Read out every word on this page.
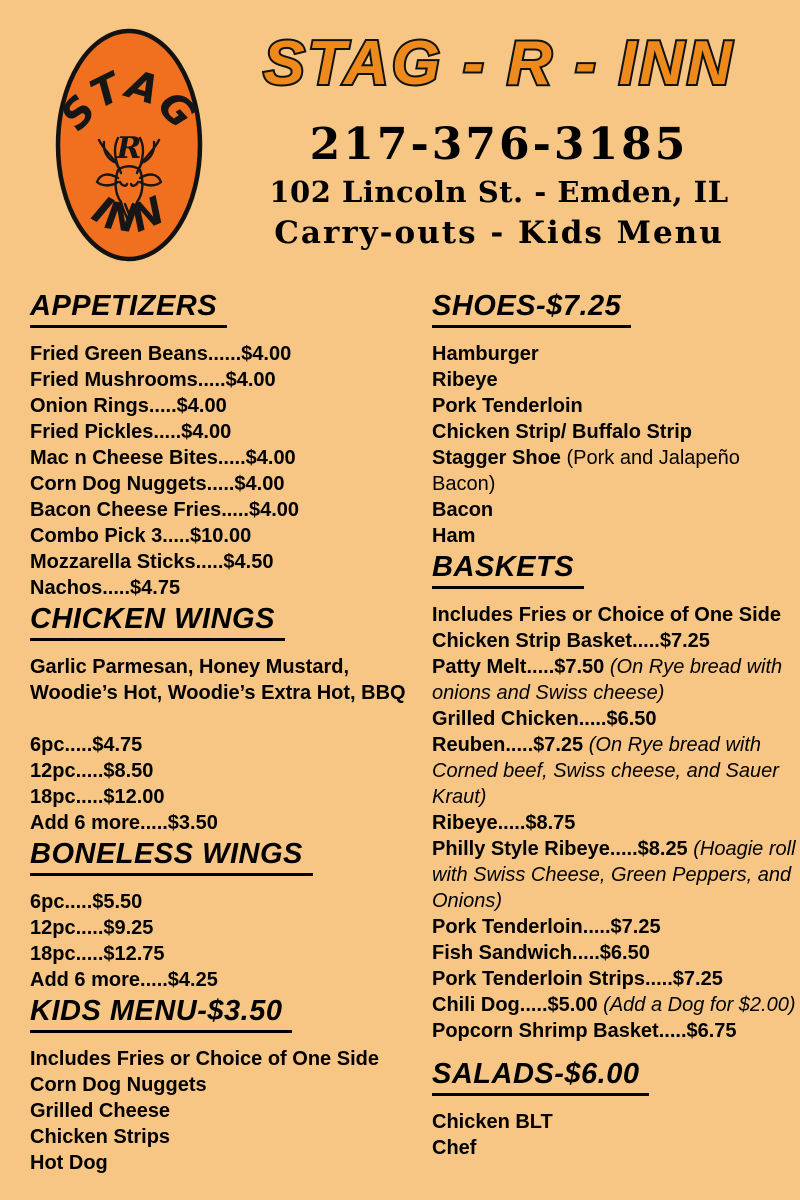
STAG
R
INN
STAG - R - INN
217-376-3185
102 Lincoln St. - Emden, IL
Carry-outs - Kids Menu
APPETIZERS
Fried Green Beans......$4.00
Fried Mushrooms.....$4.00
Onion Rings.....$4.00
Fried Pickles.....$4.00
Mac n Cheese Bites.....$4.00
Corn Dog Nuggets.....$4.00
Bacon Cheese Fries.....$4.00
Combo Pick 3.....$10.00
Mozzarella Sticks.....$4.50
Nachos.....$4.75
CHICKEN WINGS
Garlic Parmesan, Honey Mustard, Woodie’s Hot, Woodie’s Extra Hot, BBQ
6pc.....$4.75
12pc.....$8.50
18pc.....$12.00
Add 6 more.....$3.50
BONELESS WINGS
6pc.....$5.50
12pc.....$9.25
18pc.....$12.75
Add 6 more.....$4.25
KIDS MENU-$3.50
Includes Fries or Choice of One Side
Corn Dog Nuggets
Grilled Cheese
Chicken Strips
Hot Dog
SHOES-$7.25
Hamburger
Ribeye
Pork Tenderloin
Chicken Strip/ Buffalo Strip
Stagger Shoe (Pork and Jalapeño Bacon)
Bacon
Ham
BASKETS
Includes Fries or Choice of One Side
Chicken Strip Basket.....$7.25
Patty Melt.....$7.50 (On Rye bread with onions and Swiss cheese)
Grilled Chicken.....$6.50
Reuben.....$7.25 (On Rye bread with Corned beef, Swiss cheese, and Sauer Kraut)
Ribeye.....$8.75
Philly Style Ribeye.....$8.25 (Hoagie roll with Swiss Cheese, Green Peppers, and Onions)
Pork Tenderloin.....$7.25
Fish Sandwich.....$6.50
Pork Tenderloin Strips.....$7.25
Chili Dog.....$5.00 (Add a Dog for $2.00)
Popcorn Shrimp Basket.....$6.75
SALADS-$6.00
Chicken BLT
Chef
